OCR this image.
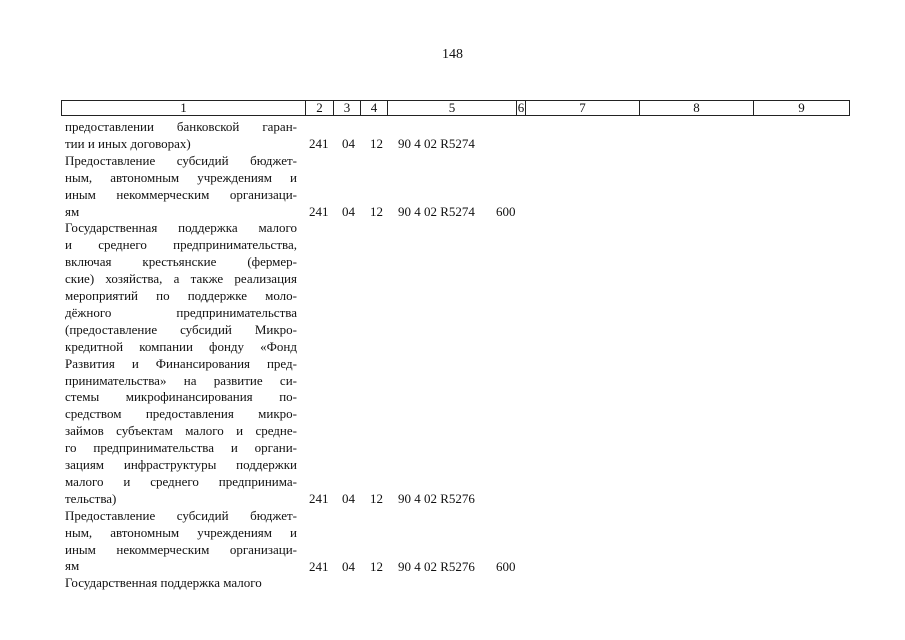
148
1	2	3	4	5	6	7	8	9
предоставлении банковской гаран-
тии и иных договорах)	241 04 12 90 4 02 R5274
Предоставление субсидий бюджет-
ным, автономным учреждениям и
иным некоммерческим организаци-
ям	241 04 12 90 4 02 R5274 600
Государственная поддержка малого
и среднего предпринимательства,
включая крестьянские (фермер-
ские) хозяйства, а также реализация
мероприятий по поддержке моло-
дёжного	предпринимательства
(предоставление субсидий Микро-
кредитной компании фонду «Фонд
Развития и Финансирования пред-
принимательства» на развитие си-
стемы микрофинансирования по-
средством предоставления микро-
займов субъектам малого и средне-
го предпринимательства и органи-
зациям инфраструктуры поддержки
малого и среднего предпринима-
тельства)	241 04 12 90 4 02 R5276
Предоставление субсидий бюджет-
ным, автономным учреждениям и
иным некоммерческим организаци-
ям	241 04 12 90 4 02 R5276 600
Государственная поддержка малого
